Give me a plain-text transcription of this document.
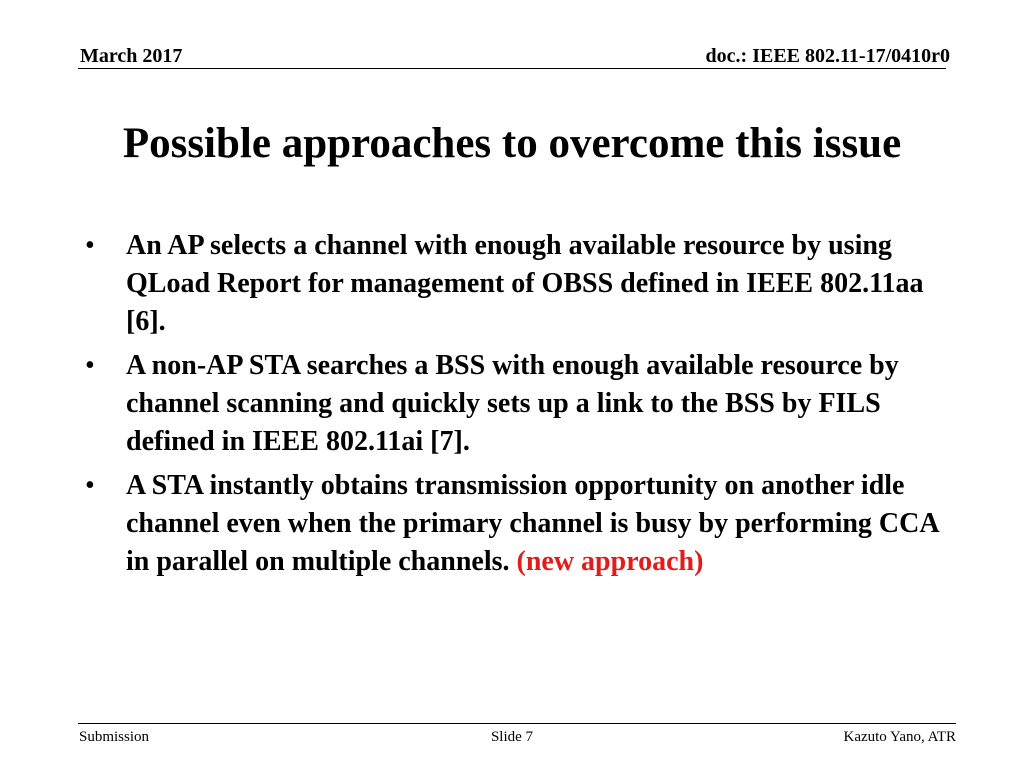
March 2017	doc.: IEEE 802.11-17/0410r0
Possible approaches to overcome this issue
• An AP selects a channel with enough available resource by using QLoad Report for management of OBSS defined in IEEE 802.11aa [6].
• A non-AP STA searches a BSS with enough available resource by channel scanning and quickly sets up a link to the BSS by FILS defined in IEEE 802.11ai [7].
• A STA instantly obtains transmission opportunity on another idle channel even when the primary channel is busy by performing CCA in parallel on multiple channels. (new approach)
Submission	Slide 7	Kazuto Yano, ATR
